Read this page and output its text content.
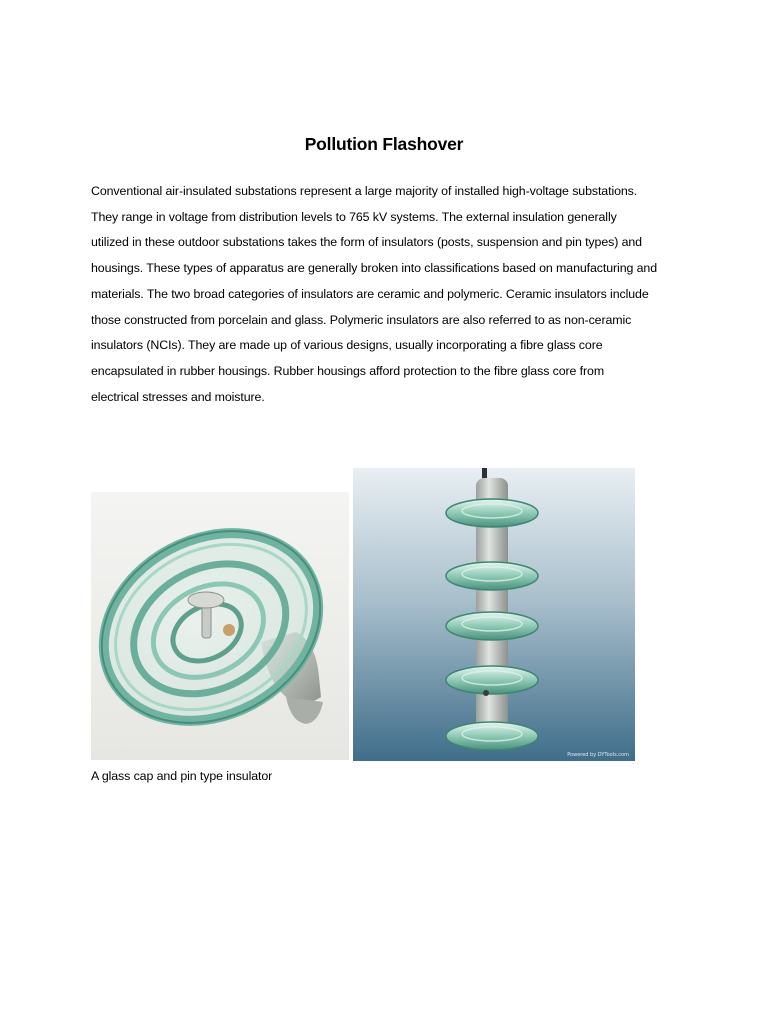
Pollution Flashover
Conventional air-insulated substations represent a large majority of installed high-voltage substations.
They range in voltage from distribution levels to 765 kV systems. The external insulation generally
utilized in these outdoor substations takes the form of insulators (posts, suspension and pin types) and
housings. These types of apparatus are generally broken into classifications based on manufacturing and
materials. The two broad categories of insulators are ceramic and polymeric. Ceramic insulators include
those constructed from porcelain and glass. Polymeric insulators are also referred to as non-ceramic
insulators (NCIs). They are made up of various designs, usually incorporating a fibre glass core
encapsulated in rubber housings. Rubber housings afford protection to the fibre glass core from
electrical stresses and moisture.
.	Powered by DYTools.com
A glass cap and pin type insulator
